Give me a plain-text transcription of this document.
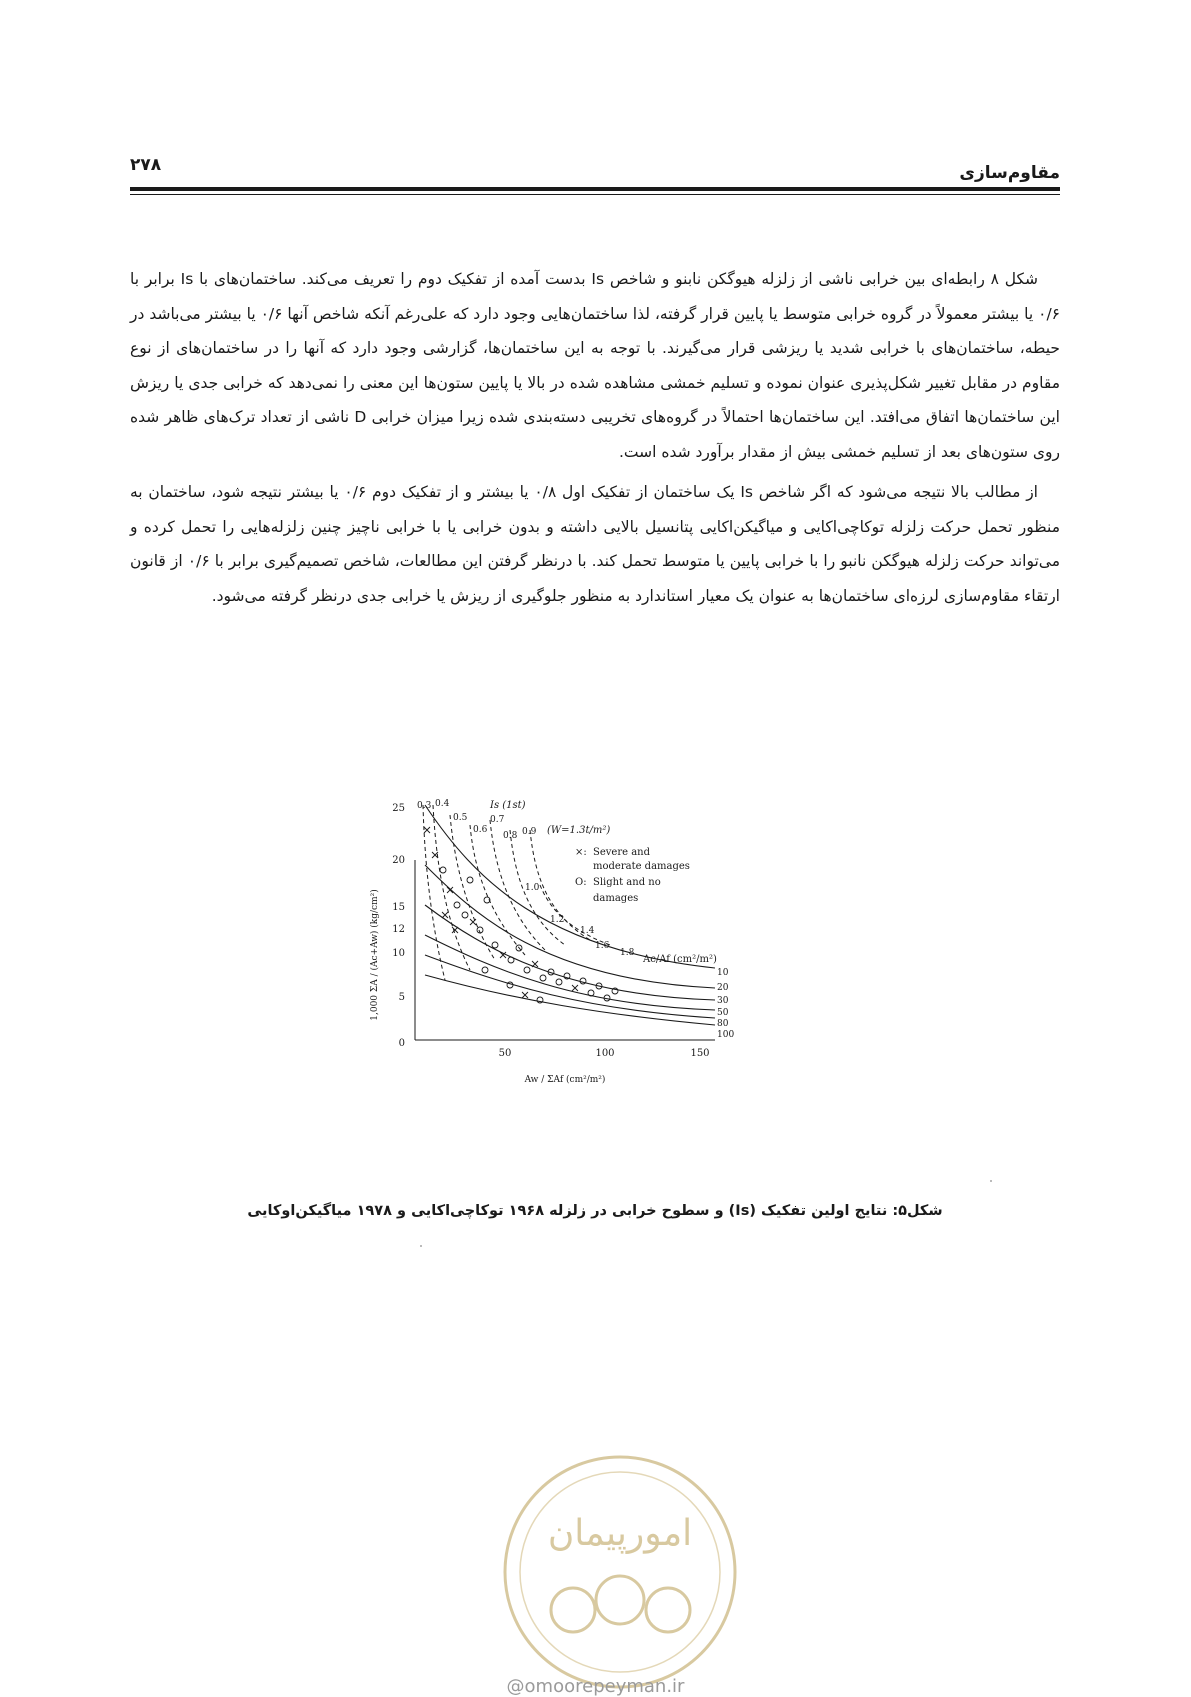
۲۷۸	مقاوم‌سازی

شکل ۸ رابطه‌ای بین خرابی ناشی از زلزله هیوگکن نابنو و شاخص Is بدست آمده از تفکیک دوم را تعریف می‌کند. ساختمان‌های با Is برابر با ۰/۶ یا بیشتر معمولاً در گروه خرابی متوسط یا پایین قرار گرفته، لذا ساختمان‌هایی وجود دارد که علی‌رغم آنکه شاخص آنها ۰/۶ یا بیشتر می‌باشد در حیطه، ساختمان‌های با خرابی شدید یا ریزشی قرار می‌گیرند. با توجه به این ساختمان‌ها، گزارشی وجود دارد که آنها را در ساختمان‌های از نوع مقاوم در مقابل تغییر شکل‌پذیری عنوان نموده و تسلیم خمشی مشاهده شده در بالا یا پایین ستون‌ها این معنی را نمی‌دهد که خرابی جدی یا ریزش این ساختمان‌ها اتفاق می‌افتد. این ساختمان‌ها احتمالاً در گروه‌های تخریبی دسته‌بندی شده زیرا میزان خرابی D ناشی از تعداد ترک‌های ظاهر شده روی ستون‌های بعد از تسلیم خمشی بیش از مقدار برآورد شده است.

از مطالب بالا نتیجه می‌شود که اگر شاخص Is یک ساختمان از تفکیک اول ۰/۸ یا بیشتر و از تفکیک دوم ۰/۶ یا بیشتر نتیجه شود، ساختمان به منظور تحمل حرکت زلزله توکاچی‌اکایی و میاگیکن‌اکایی پتانسیل بالایی داشته و بدون خرابی یا با خرابی ناچیز چنین زلزله‌هایی را تحمل کرده و می‌تواند حرکت زلزله هیوگکن نانبو را با خرابی پایین یا متوسط تحمل کند. با درنظر گرفتن این مطالعات، شاخص تصمیم‌گیری برابر با ۰/۶ از قانون ارتقاء مقاوم‌سازی لرزه‌ای ساختمان‌ها به عنوان یک معیار استاندارد به منظور جلوگیری از ریزش یا خرابی جدی درنظر گرفته می‌شود.

25
20
15
12
10
5
0
50	100	150
1,000 ΣA / (Ac+Aw) (kg/cm²)
Aw / ΣAf (cm²/m²)
0.3 0.4
0.5
0.6
0.7
0.8 0.9
1.0
1.2
1.4
1.6
1.8
Ac/Af (cm²/m²)
10
20
30
50
80
100
Is (1st)
(W=1.3t/m²)
×: Severe and
moderate damages
O: Slight and no
damages
شکل۵: نتایج اولین تفکیک (Is) و سطوح خرابی در زلزله ۱۹۶۸ توکاچی‌اکایی و ۱۹۷۸ میاگیکن‌اوکایی
امورپیمان
@omoorepeyman.ir
